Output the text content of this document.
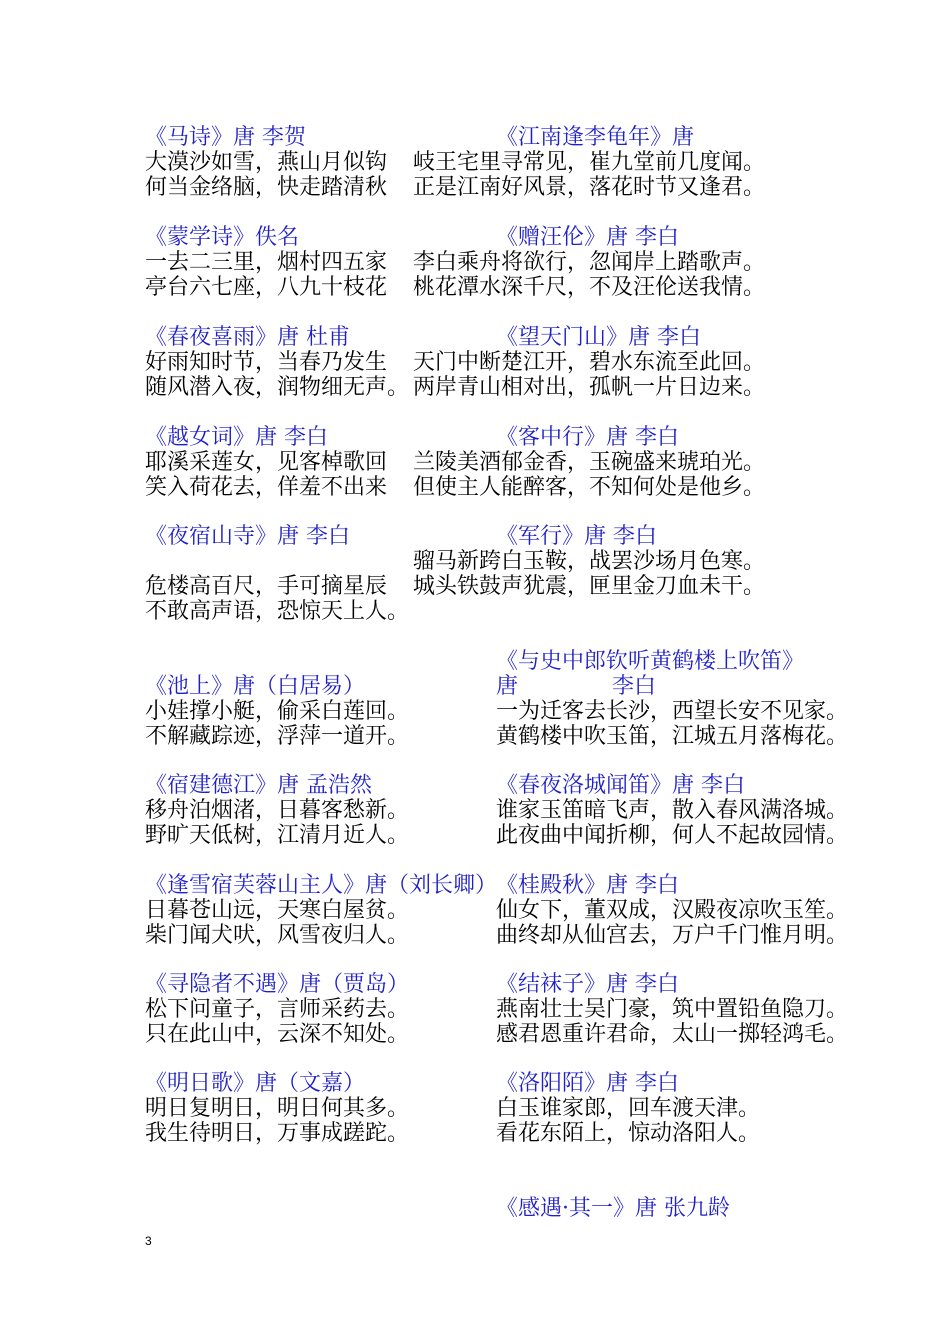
《马诗》唐 李贺
大漠沙如雪，燕山月似钩
何当金络脑，快走踏清秋
《蒙学诗》佚名
一去二三里，烟村四五家
亭台六七座，八九十枝花
《春夜喜雨》唐 杜甫
好雨知时节，当春乃发生
随风潜入夜，润物细无声。
《越女词》唐 李白
耶溪采莲女，见客棹歌回
笑入荷花去，佯羞不出来
《夜宿山寺》唐 李白
危楼高百尺，手可摘星辰
不敢高声语，恐惊天上人。
《江南逢李龟年》唐
岐王宅里寻常见，崔九堂前几度闻。
正是江南好风景，落花时节又逢君。
《赠汪伦》唐 李白
李白乘舟将欲行，忽闻岸上踏歌声。
桃花潭水深千尺，不及汪伦送我情。
《望天门山》唐 李白
天门中断楚江开，碧水东流至此回。
两岸青山相对出，孤帆一片日边来。
《客中行》唐 李白
兰陵美酒郁金香，玉碗盛来琥珀光。
但使主人能醉客，不知何处是他乡。
《军行》唐 李白
骝马新跨白玉鞍，战罢沙场月色寒。
城头铁鼓声犹震，匣里金刀血未干。
《与史中郎钦听黄鹤楼上吹笛》
唐	李白
一为迁客去长沙，西望长安不见家。
黄鹤楼中吹玉笛，江城五月落梅花。
《池上》唐（白居易）
小娃撑小艇，偷采白莲回。
不解藏踪迹，浮萍一道开。
《宿建德江》唐 孟浩然
移舟泊烟渚，日暮客愁新。
野旷天低树，江清月近人。
《春夜洛城闻笛》唐 李白
谁家玉笛暗飞声，散入春风满洛城。
此夜曲中闻折柳，何人不起故园情。
《逢雪宿芙蓉山主人》唐（刘长卿）
日暮苍山远，天寒白屋贫。
柴门闻犬吠，风雪夜归人。
《桂殿秋》唐 李白
仙女下，董双成，汉殿夜凉吹玉笙。
曲终却从仙宫去，万户千门惟月明。
《寻隐者不遇》唐（贾岛）
松下问童子，言师采药去。
只在此山中，云深不知处。
《结袜子》唐 李白
燕南壮士吴门豪，筑中置铅鱼隐刀。
感君恩重许君命，太山一掷轻鸿毛。
《明日歌》唐（文嘉）
明日复明日，明日何其多。
我生待明日，万事成蹉跎。
《洛阳陌》唐 李白
白玉谁家郎，回车渡天津。
看花东陌上，惊动洛阳人。
《感遇·其一》唐 张九龄
3
